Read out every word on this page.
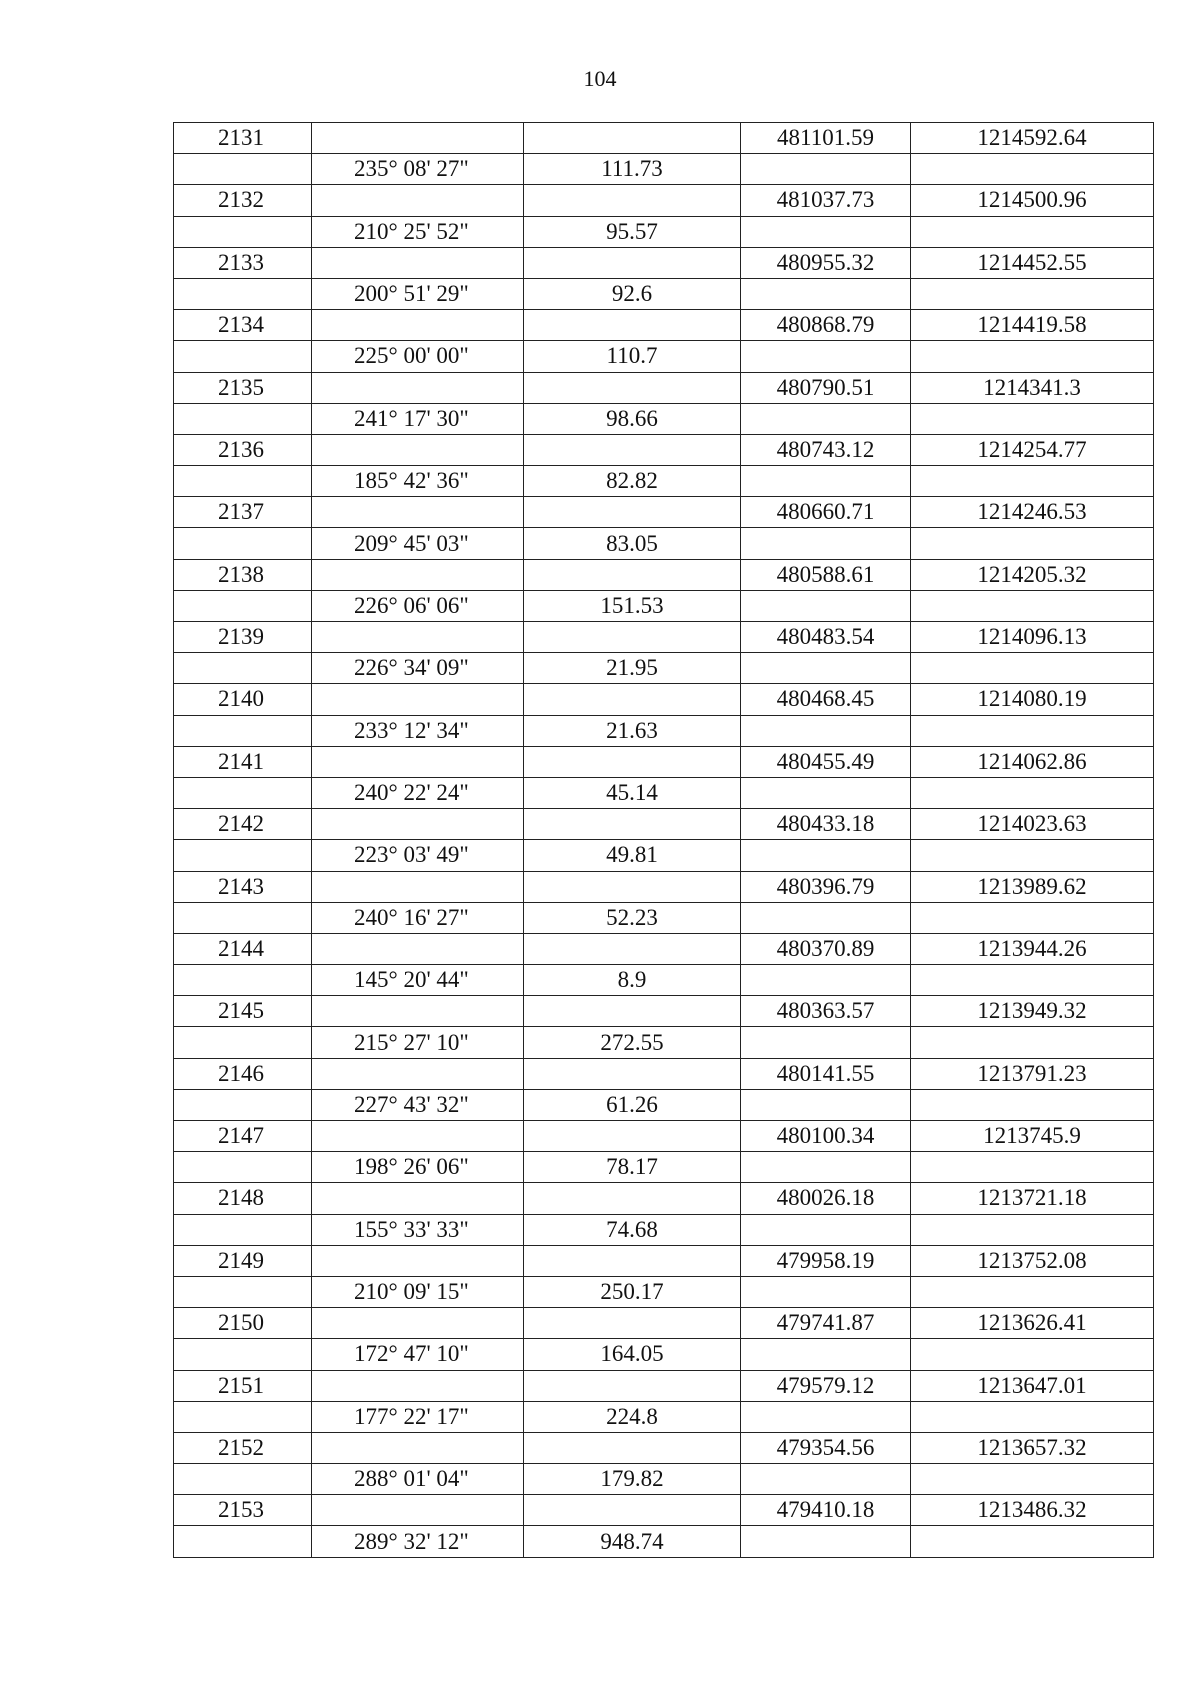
104
2131			481101.59	1214592.64
	235° 08' 27"	111.73		
2132			481037.73	1214500.96
	210° 25' 52"	95.57		
2133			480955.32	1214452.55
	200° 51' 29"	92.6		
2134			480868.79	1214419.58
	225° 00' 00"	110.7		
2135			480790.51	1214341.3
	241° 17' 30"	98.66		
2136			480743.12	1214254.77
	185° 42' 36"	82.82		
2137			480660.71	1214246.53
	209° 45' 03"	83.05		
2138			480588.61	1214205.32
	226° 06' 06"	151.53		
2139			480483.54	1214096.13
	226° 34' 09"	21.95		
2140			480468.45	1214080.19
	233° 12' 34"	21.63		
2141			480455.49	1214062.86
	240° 22' 24"	45.14		
2142			480433.18	1214023.63
	223° 03' 49"	49.81		
2143			480396.79	1213989.62
	240° 16' 27"	52.23		
2144			480370.89	1213944.26
	145° 20' 44"	8.9		
2145			480363.57	1213949.32
	215° 27' 10"	272.55		
2146			480141.55	1213791.23
	227° 43' 32"	61.26		
2147			480100.34	1213745.9
	198° 26' 06"	78.17		
2148			480026.18	1213721.18
	155° 33' 33"	74.68		
2149			479958.19	1213752.08
	210° 09' 15"	250.17		
2150			479741.87	1213626.41
	172° 47' 10"	164.05		
2151			479579.12	1213647.01
	177° 22' 17"	224.8		
2152			479354.56	1213657.32
	288° 01' 04"	179.82		
2153			479410.18	1213486.32
	289° 32' 12"	948.74		
